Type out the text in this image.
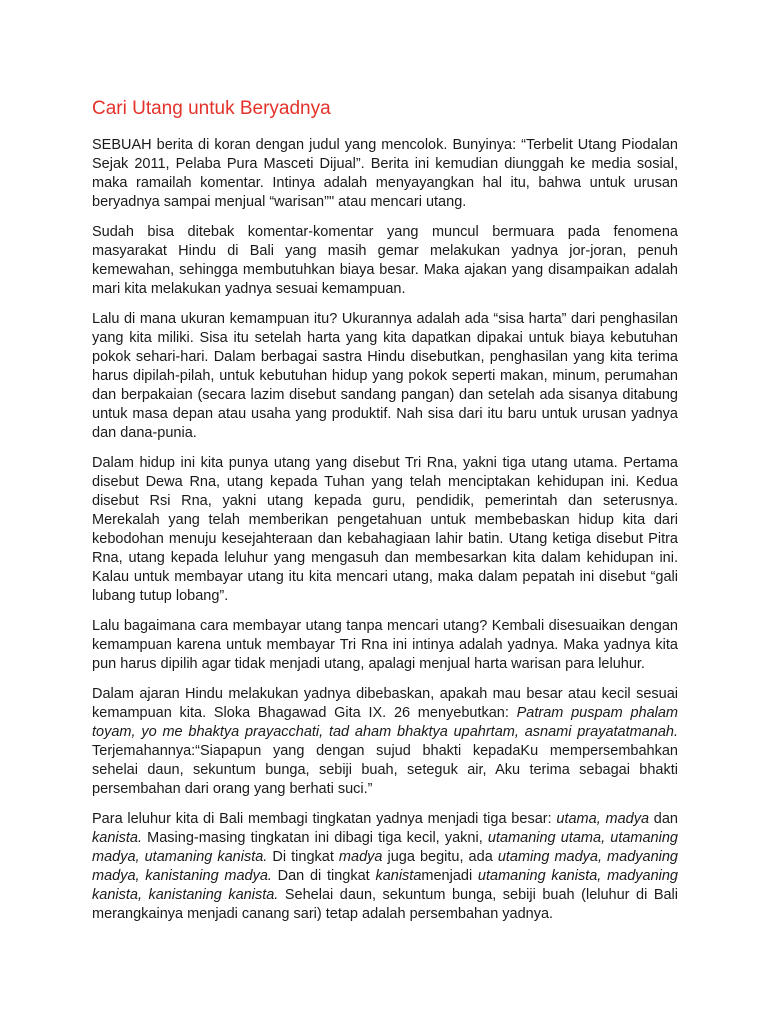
Cari Utang untuk Beryadnya

SEBUAH berita di koran dengan judul yang mencolok. Bunyinya: “Terbelit Utang Piodalan Sejak 2011, Pelaba Pura Masceti Dijual”. Berita ini kemudian diunggah ke media sosial, maka ramailah komentar. Intinya adalah menyayangkan hal itu, bahwa untuk urusan beryadnya sampai menjual “warisan”" atau mencari utang.

Sudah bisa ditebak komentar-komentar yang muncul bermuara pada fenomena masyarakat Hindu di Bali yang masih gemar melakukan yadnya jor-joran, penuh kemewahan, sehingga membutuhkan biaya besar. Maka ajakan yang disampaikan adalah mari kita melakukan yadnya sesuai kemampuan.

Lalu di mana ukuran kemampuan itu? Ukurannya adalah ada “sisa harta” dari penghasilan yang kita miliki. Sisa itu setelah harta yang kita dapatkan dipakai untuk biaya kebutuhan pokok sehari-hari. Dalam berbagai sastra Hindu disebutkan, penghasilan yang kita terima harus dipilah-pilah, untuk kebutuhan hidup yang pokok seperti makan, minum, perumahan dan berpakaian (secara lazim disebut sandang pangan) dan setelah ada sisanya ditabung untuk masa depan atau usaha yang produktif. Nah sisa dari itu baru untuk urusan yadnya dan dana-punia.

Dalam hidup ini kita punya utang yang disebut Tri Rna, yakni tiga utang utama. Pertama disebut Dewa Rna, utang kepada Tuhan yang telah menciptakan kehidupan ini. Kedua disebut Rsi Rna, yakni utang kepada guru, pendidik, pemerintah dan seterusnya. Merekalah yang telah memberikan pengetahuan untuk membebaskan hidup kita dari kebodohan menuju kesejahteraan dan kebahagiaan lahir batin. Utang ketiga disebut Pitra Rna, utang kepada leluhur yang mengasuh dan membesarkan kita dalam kehidupan ini. Kalau untuk membayar utang itu kita mencari utang, maka dalam pepatah ini disebut “gali lubang tutup lobang”.

Lalu bagaimana cara membayar utang tanpa mencari utang? Kembali disesuaikan dengan kemampuan karena untuk membayar Tri Rna ini intinya adalah yadnya. Maka yadnya kita pun harus dipilih agar tidak menjadi utang, apalagi menjual harta warisan para leluhur.

Dalam ajaran Hindu melakukan yadnya dibebaskan, apakah mau besar atau kecil sesuai kemampuan kita. Sloka Bhagawad Gita IX. 26 menyebutkan: Patram puspam phalam toyam, yo me bhaktya prayacchati, tad aham bhaktya upahrtam, asnami prayatatmanah. Terjemahannya:“Siapapun yang dengan sujud bhakti kepadaKu mempersembahkan sehelai daun, sekuntum bunga, sebiji buah, seteguk air, Aku terima sebagai bhakti persembahan dari orang yang berhati suci.”

Para leluhur kita di Bali membagi tingkatan yadnya menjadi tiga besar: utama, madya dan kanista. Masing-masing tingkatan ini dibagi tiga kecil, yakni, utamaning utama, utamaning madya, utamaning kanista. Di tingkat madya juga begitu, ada utaming madya, madyaning madya, kanistaning madya. Dan di tingkat kanistamenjadi utamaning kanista, madyaning kanista, kanistaning kanista. Sehelai daun, sekuntum bunga, sebiji buah (leluhur di Bali merangkainya menjadi canang sari) tetap adalah persembahan yadnya.
